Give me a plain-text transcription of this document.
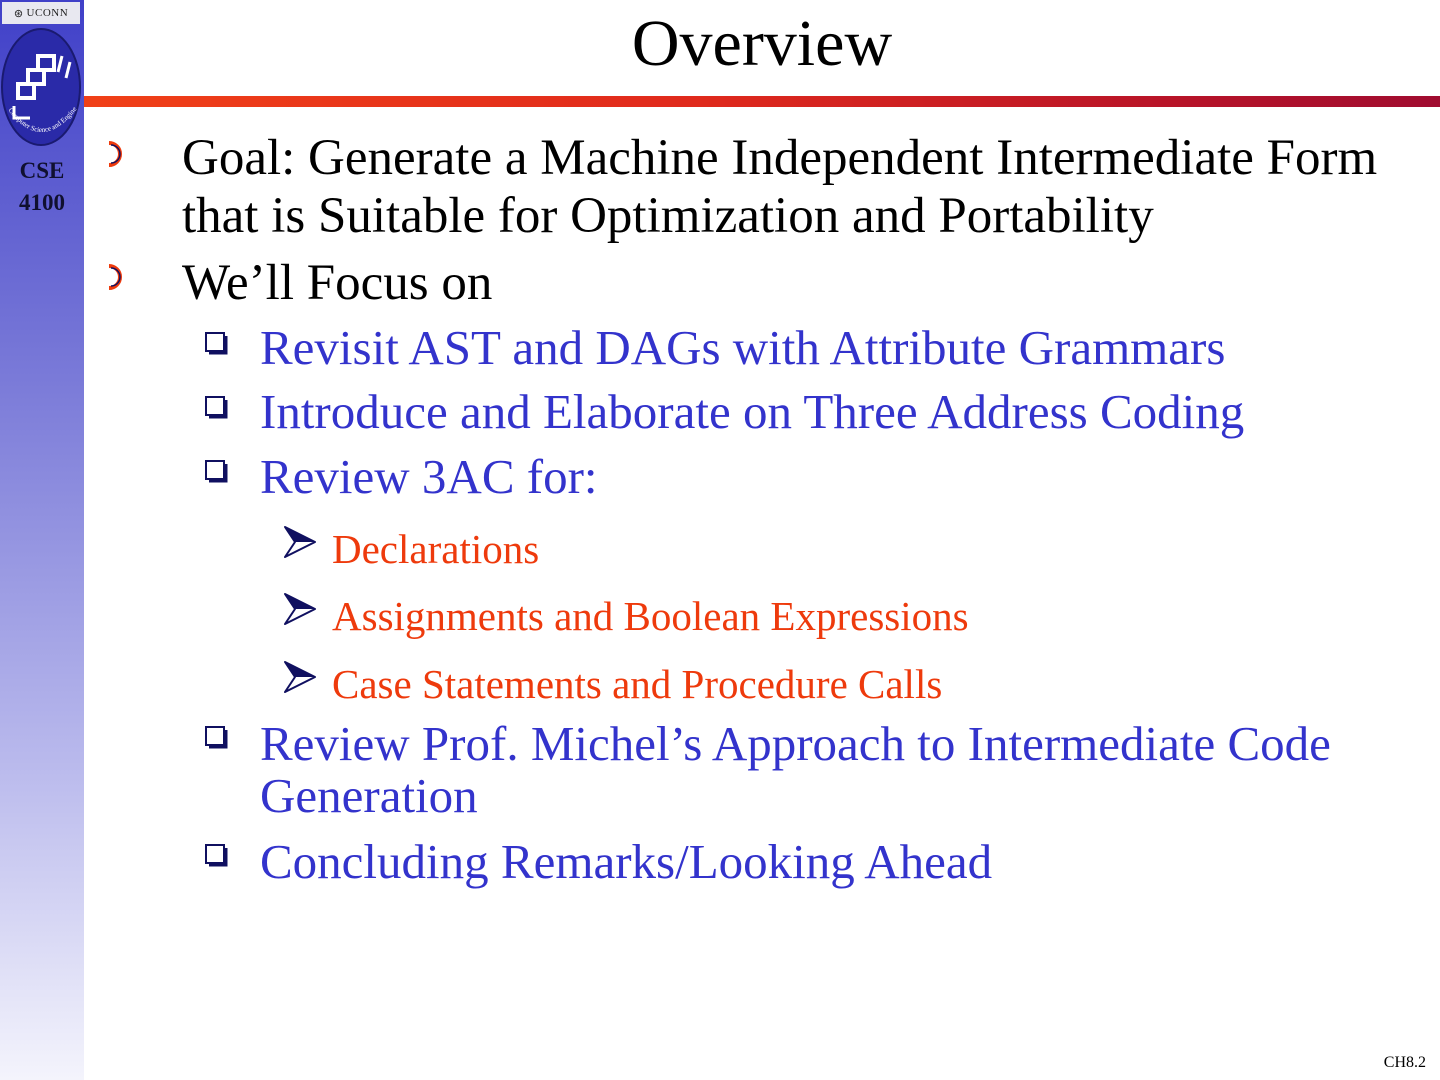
⊛ UCONN
Computer Science and Engine
CSE
4100
Overview

Goal: Generate a Machine Independent Intermediate Form that is Suitable for Optimization and Portability

We’ll Focus on

Revisit AST and DAGs with Attribute Grammars

Introduce and Elaborate on Three Address Coding

Review 3AC for:

Declarations

Assignments and Boolean Expressions

Case Statements and Procedure Calls

Review Prof. Michel’s Approach to Intermediate Code Generation

Concluding Remarks/Looking Ahead

CH8.2
